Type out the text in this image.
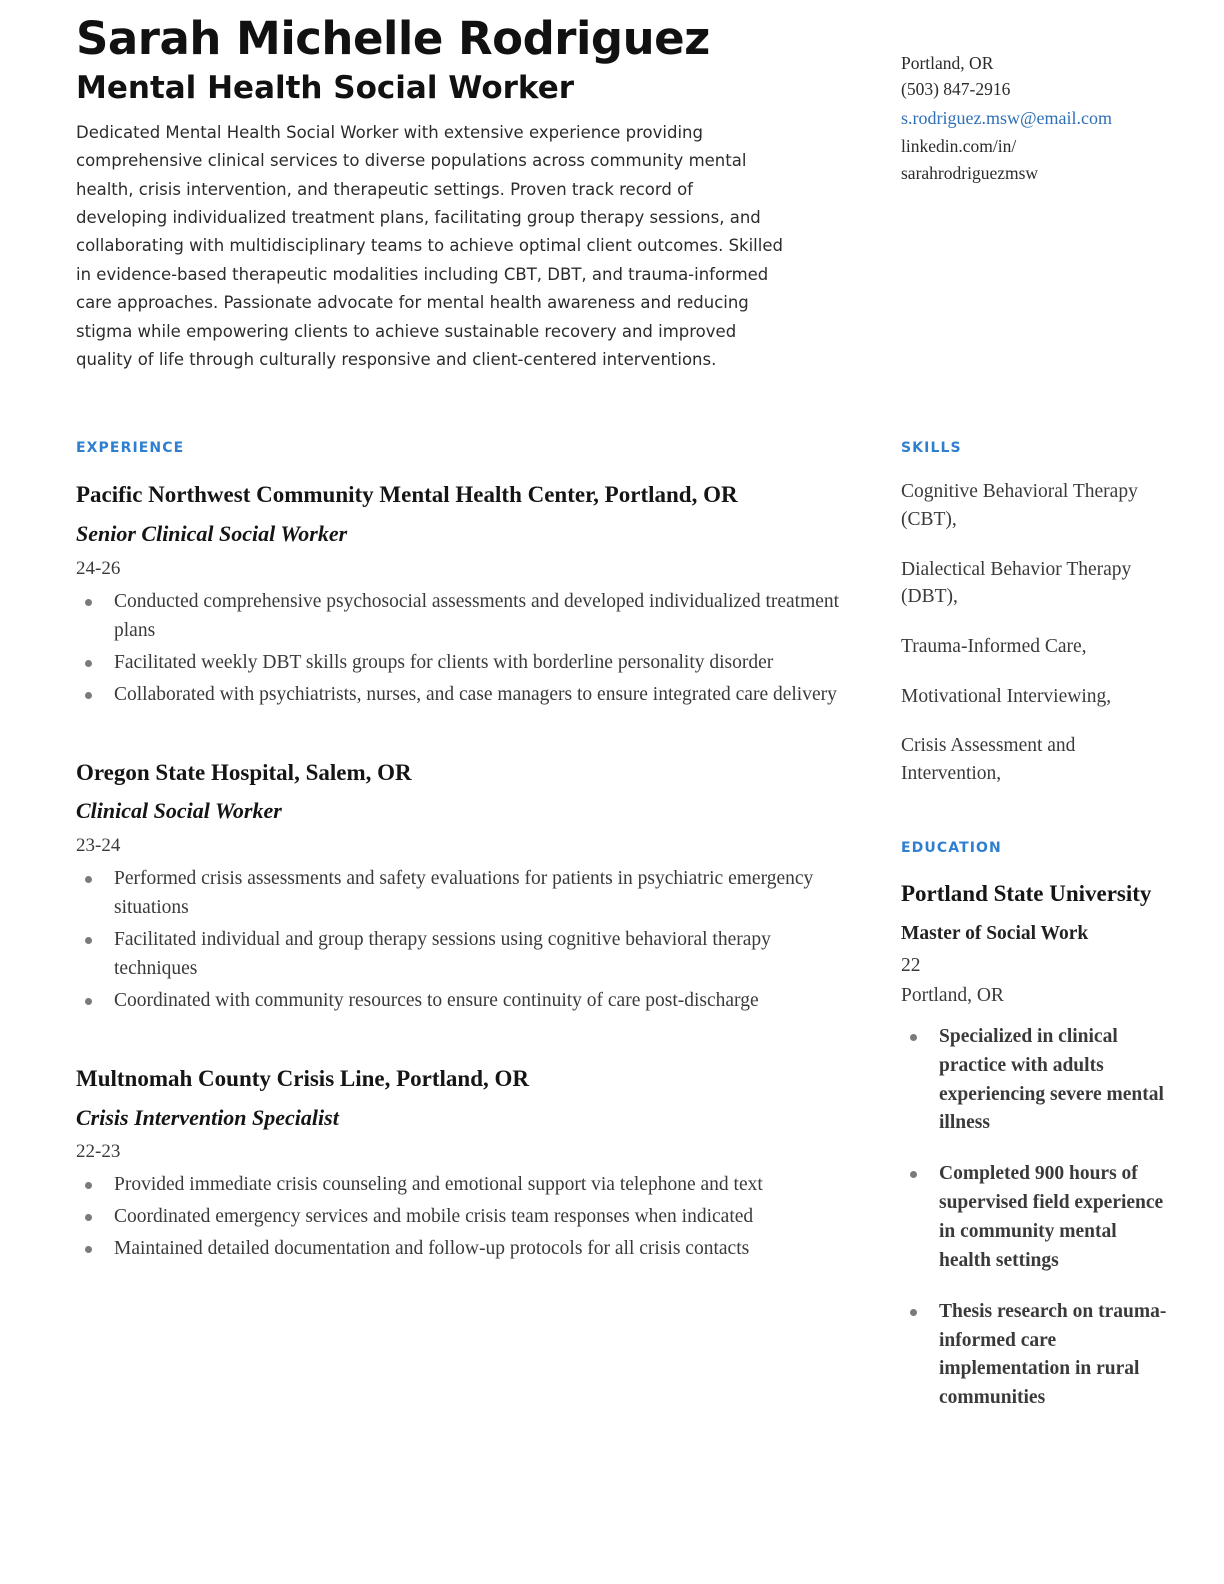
Sarah Michelle Rodriguez
Mental Health Social Worker

Dedicated Mental Health Social Worker with extensive experience providing comprehensive clinical services to diverse populations across community mental health, crisis intervention, and therapeutic settings. Proven track record of developing individualized treatment plans, facilitating group therapy sessions, and collaborating with multidisciplinary teams to achieve optimal client outcomes. Skilled in evidence-based therapeutic modalities including CBT, DBT, and trauma-informed care approaches. Passionate advocate for mental health awareness and reducing stigma while empowering clients to achieve sustainable recovery and improved quality of life through culturally responsive and client-centered interventions.

Portland, OR
(503) 847-2916
s.rodriguez.msw@email.com
linkedin.com/in/
sarahrodriguezmsw
EXPERIENCE
Pacific Northwest Community Mental Health Center, Portland, OR
Senior Clinical Social Worker
24-26
Conducted comprehensive psychosocial assessments and developed individualized treatment plans
Facilitated weekly DBT skills groups for clients with borderline personality disorder
Collaborated with psychiatrists, nurses, and case managers to ensure integrated care delivery
Oregon State Hospital, Salem, OR
Clinical Social Worker
23-24
Performed crisis assessments and safety evaluations for patients in psychiatric emergency situations
Facilitated individual and group therapy sessions using cognitive behavioral therapy techniques
Coordinated with community resources to ensure continuity of care post-discharge
Multnomah County Crisis Line, Portland, OR
Crisis Intervention Specialist
22-23
Provided immediate crisis counseling and emotional support via telephone and text
Coordinated emergency services and mobile crisis team responses when indicated
Maintained detailed documentation and follow-up protocols for all crisis contacts
SKILLS
Cognitive Behavioral Therapy (CBT),
Dialectical Behavior Therapy (DBT),
Trauma-Informed Care,
Motivational Interviewing,
Crisis Assessment and Intervention,
EDUCATION
Portland State University
Master of Social Work
22
Portland, OR
Specialized in clinical practice with adults experiencing severe mental illness
Completed 900 hours of supervised field experience in community mental health settings
Thesis research on trauma-informed care implementation in rural communities
